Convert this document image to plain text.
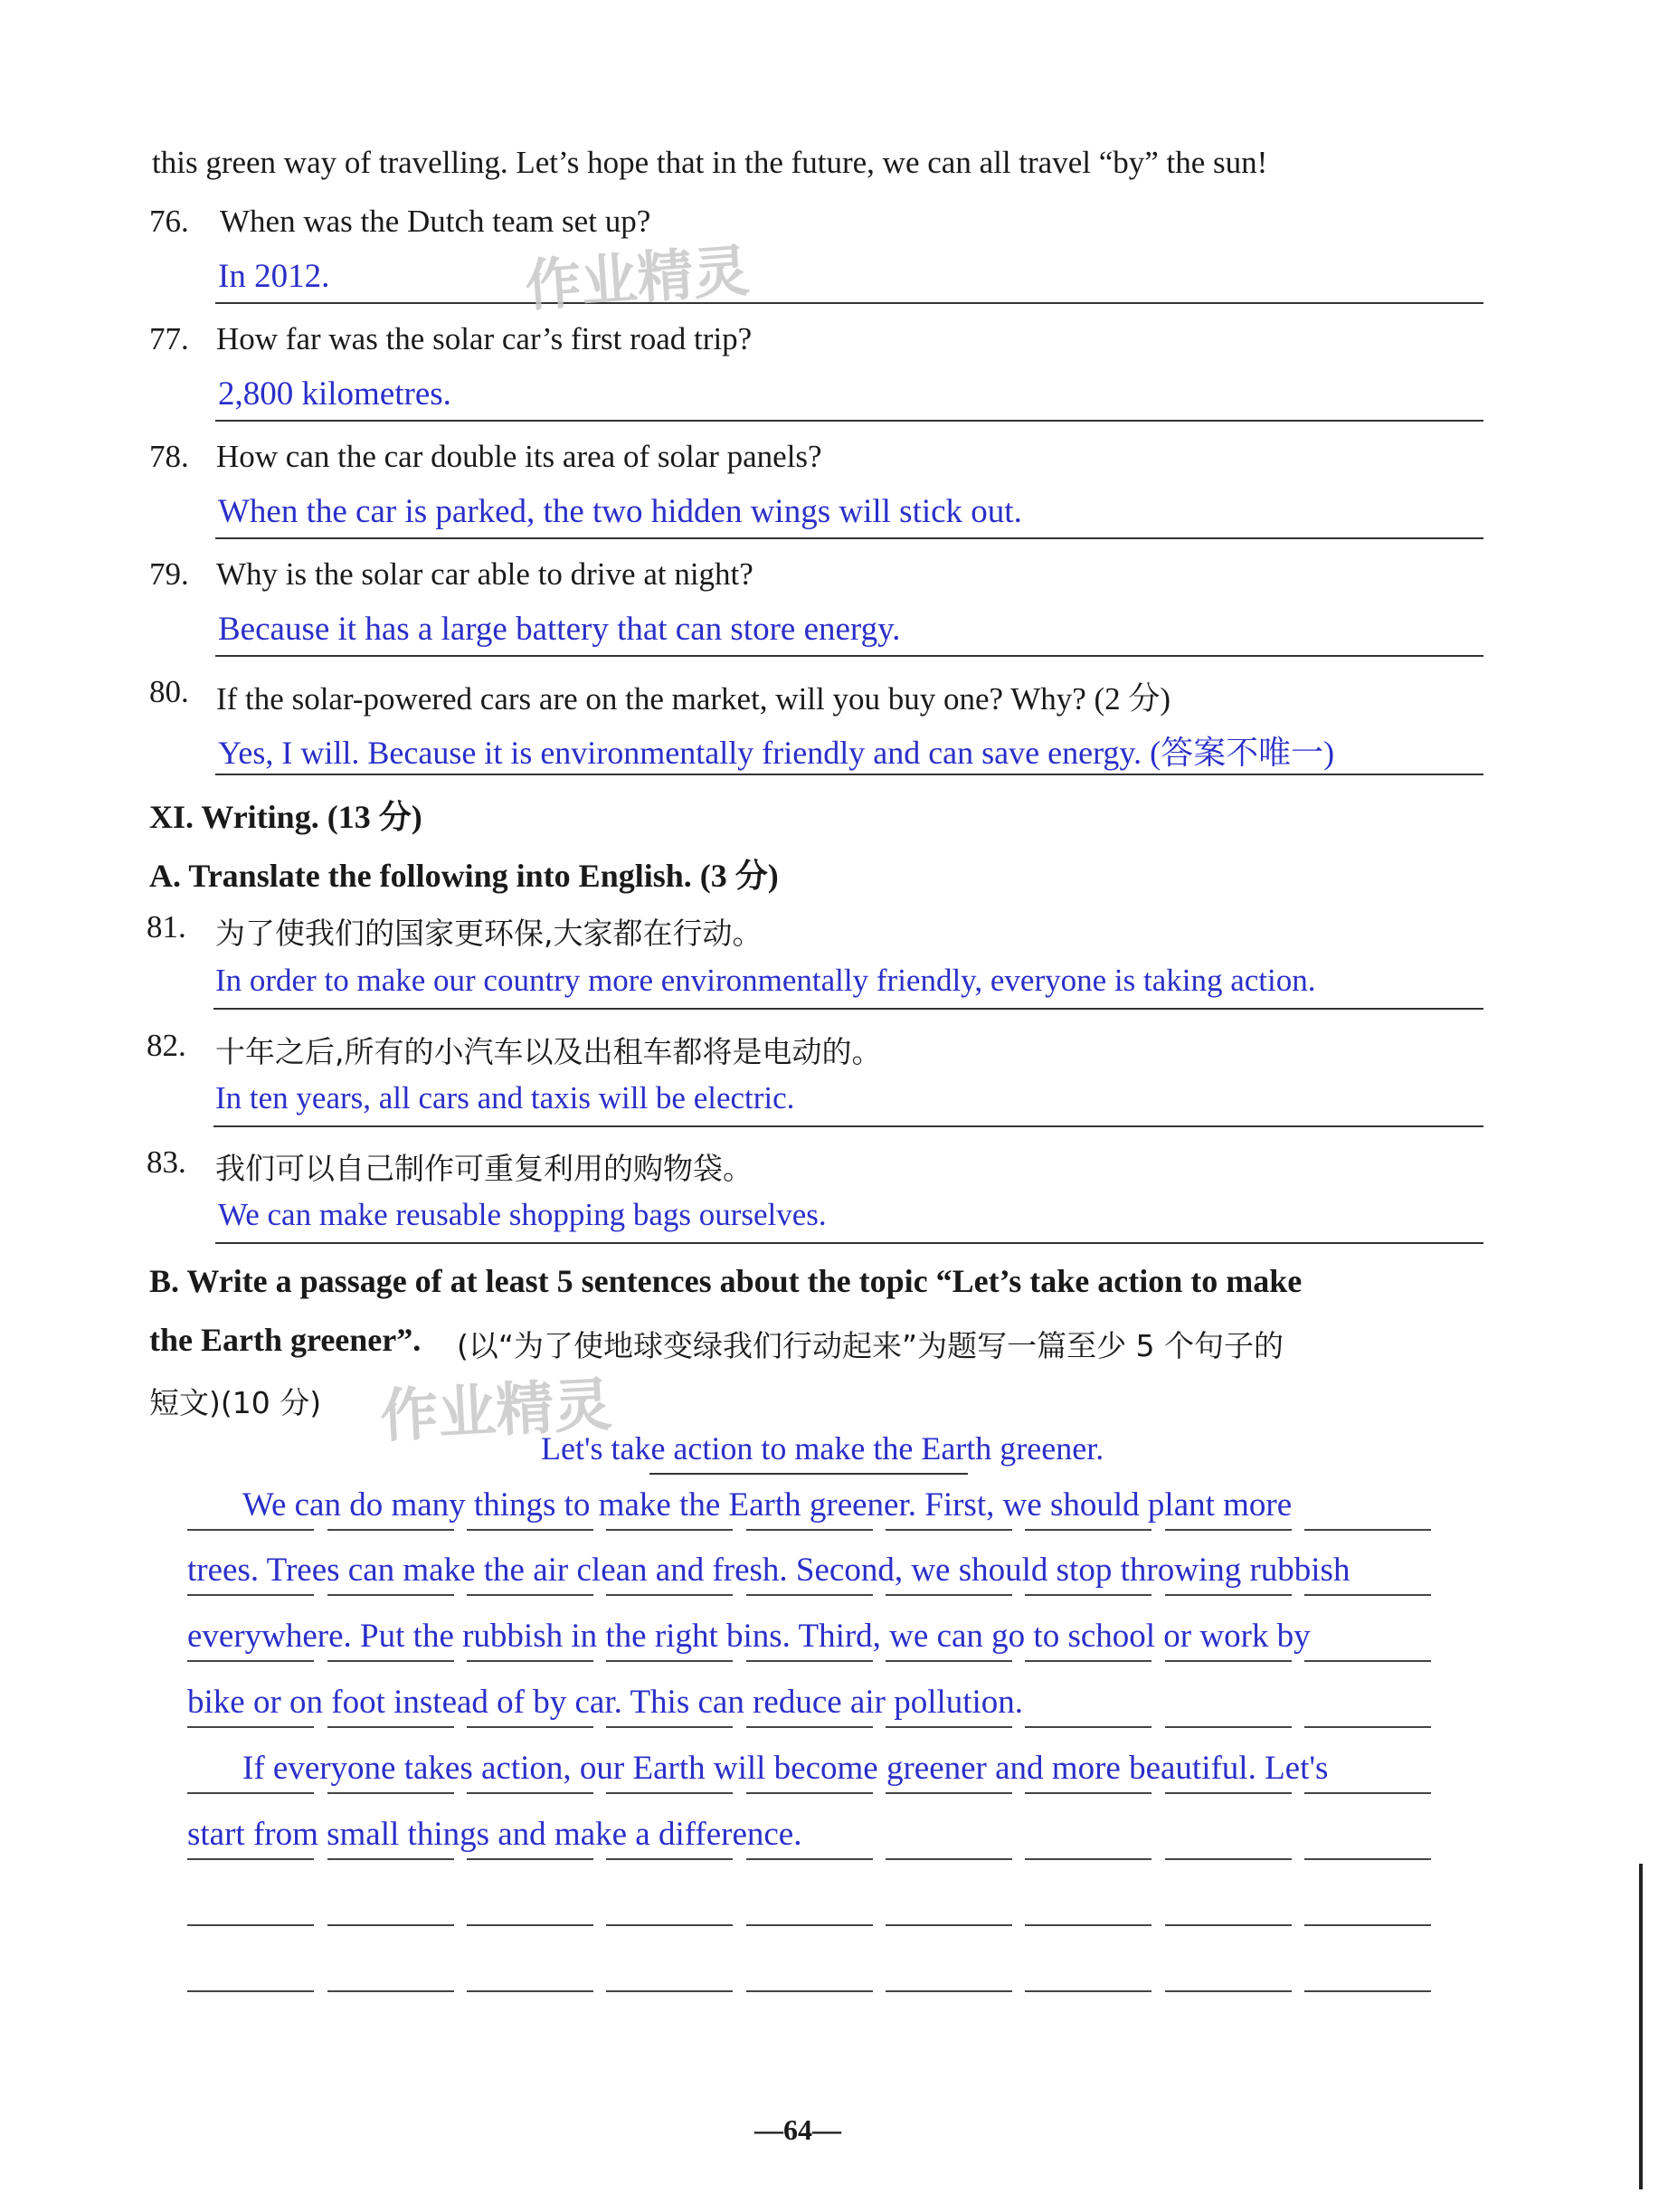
this green way of travelling. Let’s hope that in the future, we can all travel “by” the sun!
76. When was the Dutch team set up?
In 2012.
77. How far was the solar car’s first road trip?
2,800 kilometres.
78. How can the car double its area of solar panels?
When the car is parked, the two hidden wings will stick out.
79. Why is the solar car able to drive at night?
Because it has a large battery that can store energy.
80. If the solar-powered cars are on the market, will you buy one? Why? (2 分)
Yes, I will. Because it is environmentally friendly and can save energy. (答案不唯一)
XI. Writing. (13 分)
A. Translate the following into English. (3 分)
81. 为了使我们的国家更环保,大家都在行动。
In order to make our country more environmentally friendly, everyone is taking action.
82. 十年之后,所有的小汽车以及出租车都将是电动的。
In ten years, all cars and taxis will be electric.
83. 我们可以自己制作可重复利用的购物袋。
We can make reusable shopping bags ourselves.
B. Write a passage of at least 5 sentences about the topic “Let’s take action to make
the Earth greener”. (以“为了使地球变绿我们行动起来”为题写一篇至少 5 个句子的
短文)(10 分)
Let's take action to make the Earth greener.
We can do many things to make the Earth greener. First, we should plant more
trees. Trees can make the air clean and fresh. Second, we should stop throwing rubbish
everywhere. Put the rubbish in the right bins. Third, we can go to school or work by
bike or on foot instead of by car. This can reduce air pollution.
If everyone takes action, our Earth will become greener and more beautiful. Let's
start from small things and make a difference.
作业精灵
作业精灵
—64—
